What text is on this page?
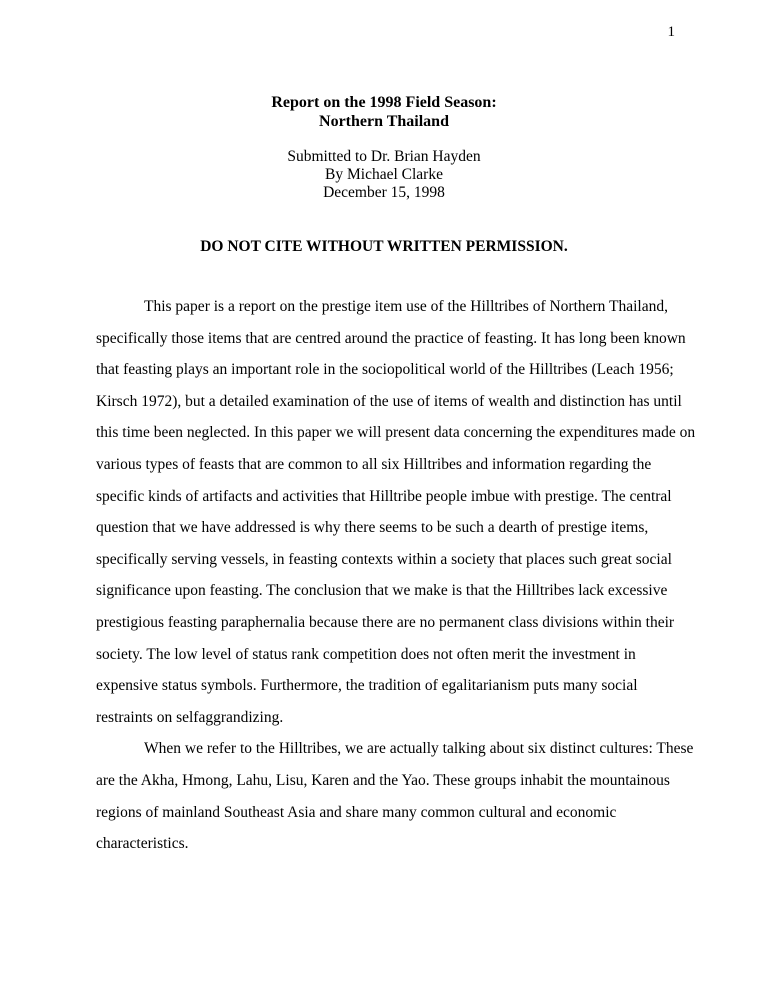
1
Report on the 1998 Field Season:
Northern Thailand
Submitted to Dr. Brian Hayden
By Michael Clarke
December 15, 1998
DO NOT CITE WITHOUT WRITTEN PERMISSION.
This paper is a report on the prestige item use of the Hilltribes of Northern Thailand,
specifically those items that are centred around the practice of feasting. It has long been known
that feasting plays an important role in the sociopolitical world of the Hilltribes (Leach 1956;
Kirsch 1972), but a detailed examination of the use of items of wealth and distinction has until
this time been neglected. In this paper we will present data concerning the expenditures made on
various types of feasts that are common to all six Hilltribes and information regarding the
specific kinds of artifacts and activities that Hilltribe people imbue with prestige. The central
question that we have addressed is why there seems to be such a dearth of prestige items,
specifically serving vessels, in feasting contexts within a society that places such great social
significance upon feasting. The conclusion that we make is that the Hilltribes lack excessive
prestigious feasting paraphernalia because there are no permanent class divisions within their
society. The low level of status rank competition does not often merit the investment in
expensive status symbols. Furthermore, the tradition of egalitarianism puts many social
restraints on selfaggrandizing.
When we refer to the Hilltribes, we are actually talking about six distinct cultures: These
are the Akha, Hmong, Lahu, Lisu, Karen and the Yao. These groups inhabit the mountainous
regions of mainland Southeast Asia and share many common cultural and economic
characteristics.
